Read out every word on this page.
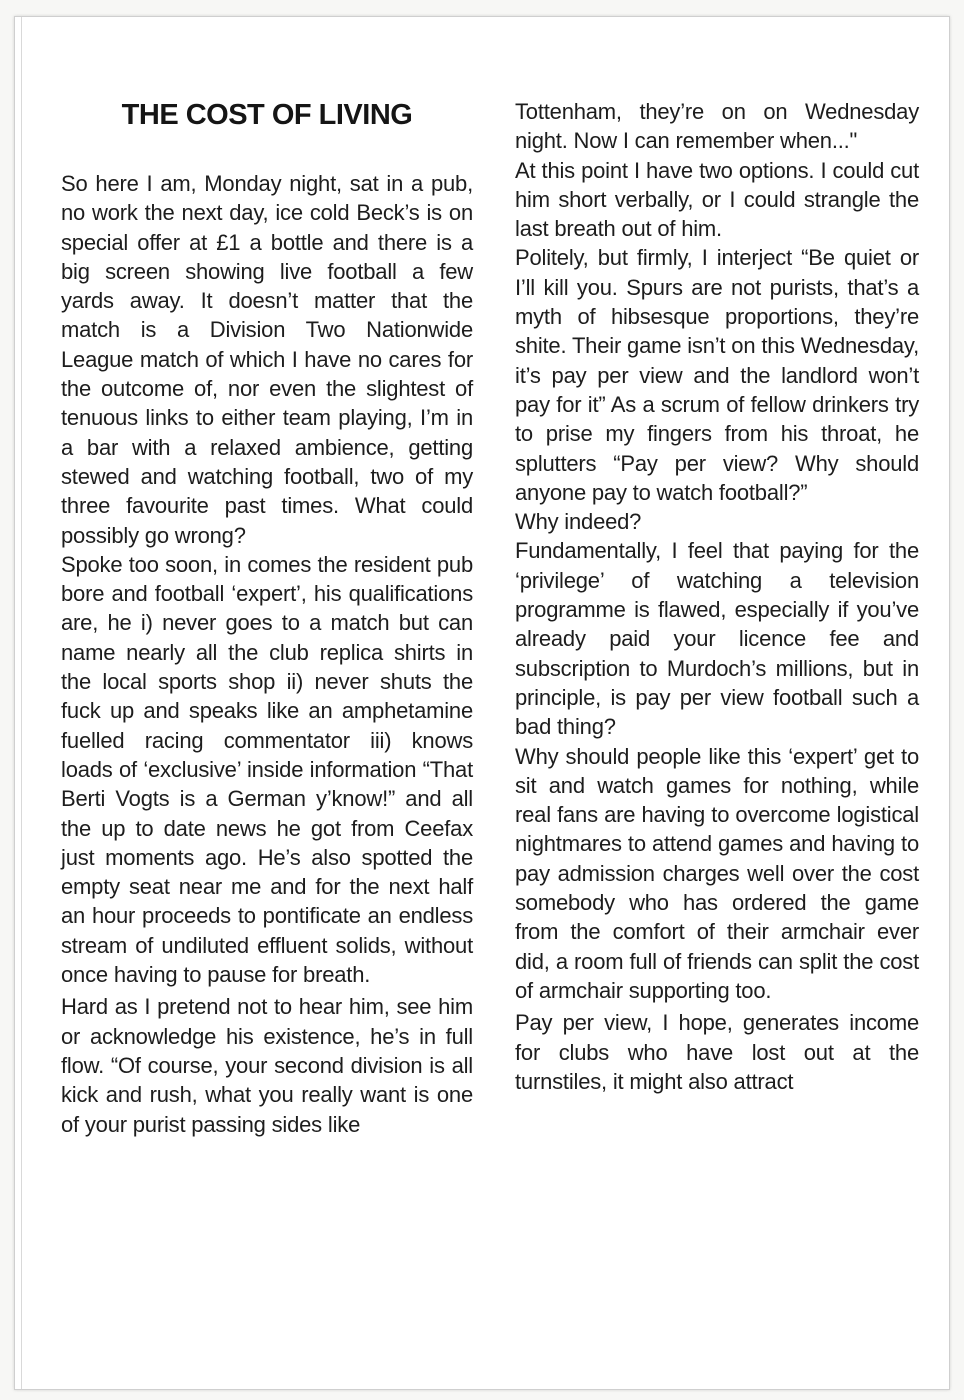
THE COST OF LIVING

So here I am, Monday night, sat in a pub, no work the next day, ice cold Beck’s is on special offer at £1 a bottle and there is a big screen showing live football a few yards away. It doesn’t matter that the match is a Division Two Nationwide League match of which I have no cares for the outcome of, nor even the slightest of tenuous links to either team playing, I’m in a bar with a relaxed ambience, getting stewed and watching football, two of my three favourite past times. What could possibly go wrong?

Spoke too soon, in comes the resident pub bore and football ‘expert’, his qualifications are, he i) never goes to a match but can name nearly all the club replica shirts in the local sports shop ii) never shuts the fuck up and speaks like an amphetamine fuelled racing commentator iii) knows loads of ‘exclusive’ inside information “That Berti Vogts is a German y’know!” and all the up to date news he got from Ceefax just moments ago. He’s also spotted the empty seat near me and for the next half an hour proceeds to pontificate an endless stream of undiluted effluent solids, without once having to pause for breath.

Hard as I pretend not to hear him, see him or acknowledge his existence, he’s in full flow. “Of course, your second division is all kick and rush, what you really want is one of your purist passing sides like

Tottenham, they’re on on Wednesday night. Now I can remember when..."

At this point I have two options. I could cut him short verbally, or I could strangle the last breath out of him.

Politely, but firmly, I interject “Be quiet or I’ll kill you. Spurs are not purists, that’s a myth of hibsesque proportions, they’re shite. Their game isn’t on this Wednesday, it’s pay per view and the landlord won’t pay for it” As a scrum of fellow drinkers try to prise my fingers from his throat, he splutters “Pay per view? Why should anyone pay to watch football?”

Why indeed?

Fundamentally, I feel that paying for the ‘privilege’ of watching a television programme is flawed, especially if you’ve already paid your licence fee and subscription to Murdoch’s millions, but in principle, is pay per view football such a bad thing?

Why should people like this ‘expert’ get to sit and watch games for nothing, while real fans are having to overcome logistical nightmares to attend games and having to pay admission charges well over the cost somebody who has ordered the game from the comfort of their armchair ever did, a room full of friends can split the cost of armchair supporting too.

Pay per view, I hope, generates income for clubs who have lost out at the turnstiles, it might also attract
